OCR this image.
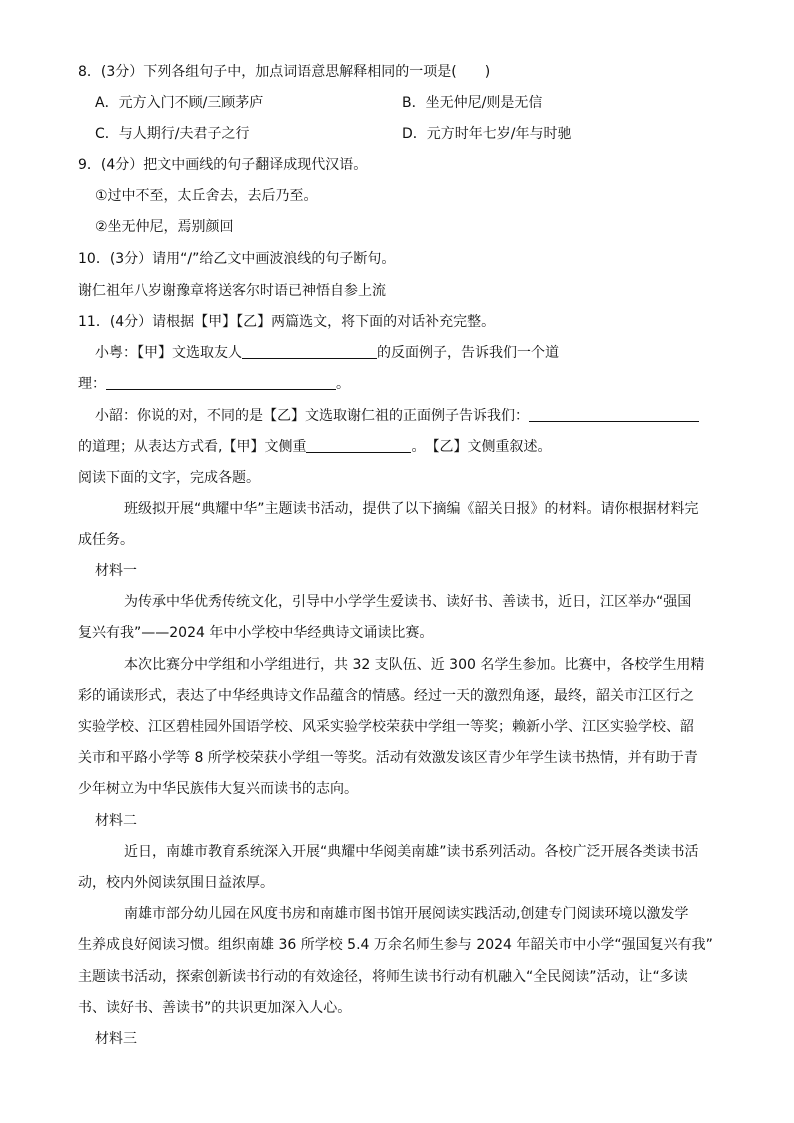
8．(3分）下列各组句子中，加点词语意思解释相同的一项是(　　)
A．元方入门不顾/三顾茅庐	B．坐无仲尼/则是无信
C．与人期行/夫君子之行	D．元方时年七岁/年与时驰
9．(4分）把文中画线的句子翻译成现代汉语。
①过中不至，太丘舍去，去后乃至。
②坐无仲尼，焉别颜回
10．(3分）请用“/”给乙文中画波浪线的句子断句。
谢仁祖年八岁谢豫章将送客尔时语已神悟自参上流
11．(4分）请根据【甲】【乙】两篇选文，将下面的对话补充完整。
小粤：【甲】文选取友人	的反面例子，告诉我们一个道
理：	。
小韶：你说的对，不同的是【乙】文选取谢仁祖的正面例子告诉我们：
的道理；从表达方式看,【甲】文侧重	。　【乙】文侧重叙述。
阅读下面的文字，完成各题。
班级拟开展“典耀中华”主题读书活动，提供了以下摘编《韶关日报》的材料。请你根据材料完
成任务。
材料一
为传承中华优秀传统文化，引导中小学学生爱读书、读好书、善读书，近日，江区举办“强国
复兴有我”——2024 年中小学校中华经典诗文诵读比赛。
本次比赛分中学组和小学组进行，共 32 支队伍、近 300 名学生参加。比赛中，各校学生用精
彩的诵读形式，表达了中华经典诗文作品蕴含的情感。经过一天的激烈角逐，最终，韶关市江区行之
实验学校、江区碧桂园外国语学校、风采实验学校荣获中学组一等奖；赖新小学、江区实验学校、韶
关市和平路小学等 8 所学校荣获小学组一等奖。活动有效激发该区青少年学生读书热情，并有助于青
少年树立为中华民族伟大复兴而读书的志向。
材料二
近日，南雄市教育系统深入开展“典耀中华阅美南雄”读书系列活动。各校广泛开展各类读书活
动，校内外阅读氛围日益浓厚。
南雄市部分幼儿园在风度书房和南雄市图书馆开展阅读实践活动,创建专门阅读环境以激发学
生养成良好阅读习惯。组织南雄 36 所学校 5.4 万余名师生参与 2024 年韶关市中小学“强国复兴有我”
主题读书活动，探索创新读书行动的有效途径，将师生读书行动有机融入“全民阅读”活动，让“多读
书、读好书、善读书”的共识更加深入人心。
材料三
